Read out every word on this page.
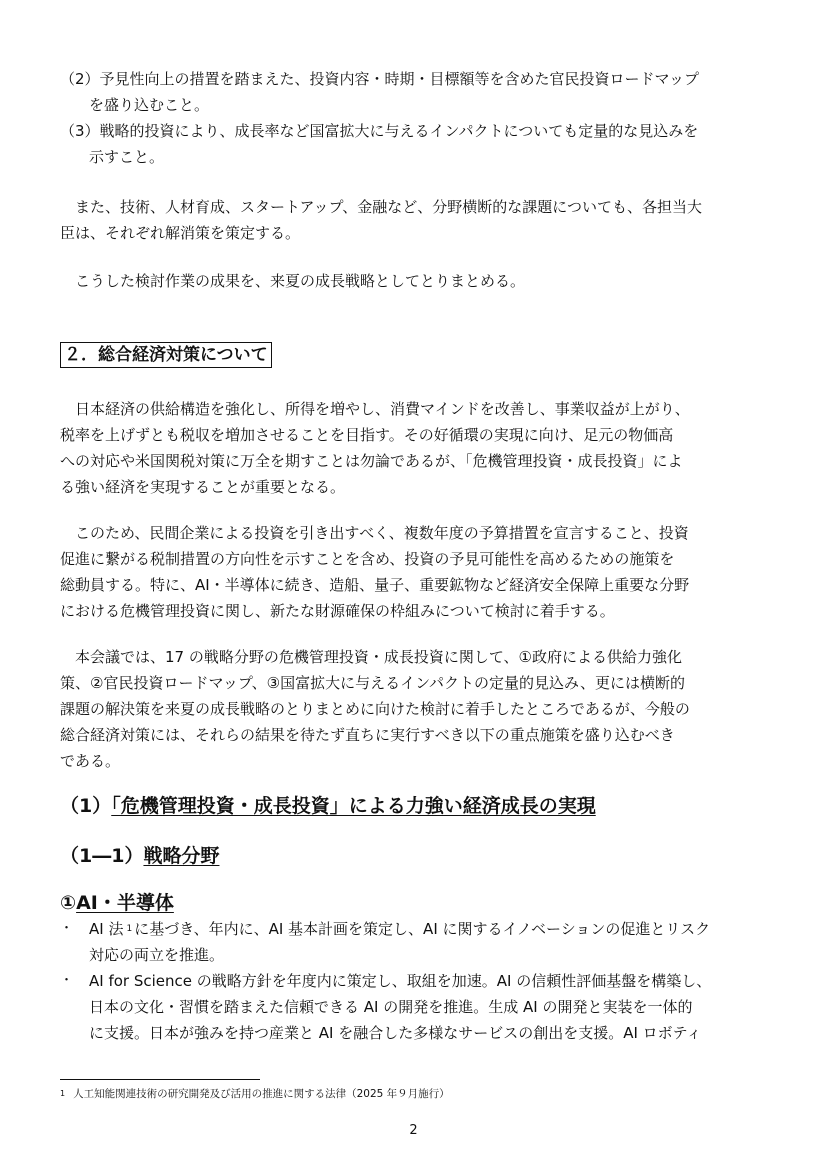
（2）予見性向上の措置を踏まえた、投資内容・時期・目標額等を含めた官民投資ロードマップ
を盛り込むこと。
（3）戦略的投資により、成長率など国富拡大に与えるインパクトについても定量的な見込みを
示すこと。
また、技術、人材育成、スタートアップ、金融など、分野横断的な課題についても、各担当大
臣は、それぞれ解消策を策定する。
こうした検討作業の成果を、来夏の成長戦略としてとりまとめる。
２．総合経済対策について
日本経済の供給構造を強化し、所得を増やし、消費マインドを改善し、事業収益が上がり、
税率を上げずとも税収を増加させることを目指す。その好循環の実現に向け、足元の物価高
への対応や米国関税対策に万全を期すことは勿論であるが、「危機管理投資・成長投資」によ
る強い経済を実現することが重要となる。
このため、民間企業による投資を引き出すべく、複数年度の予算措置を宣言すること、投資
促進に繋がる税制措置の方向性を示すことを含め、投資の予見可能性を高めるための施策を
総動員する。特に、AI・半導体に続き、造船、量子、重要鉱物など経済安全保障上重要な分野
における危機管理投資に関し、新たな財源確保の枠組みについて検討に着手する。
本会議では、17 の戦略分野の危機管理投資・成長投資に関して、①政府による供給力強化
策、②官民投資ロードマップ、③国富拡大に与えるインパクトの定量的見込み、更には横断的
課題の解決策を来夏の成長戦略のとりまとめに向けた検討に着手したところであるが、今般の
総合経済対策には、それらの結果を待たず直ちに実行すべき以下の重点施策を盛り込むべき
である。
（1）「危機管理投資・成長投資」による力強い経済成長の実現
（1―1）戦略分野
①AI・半導体
・ AI 法 $^1$ に基づき、年内に、AI 基本計画を策定し、AI に関するイノベーションの促進とリスク
対応の両立を推進。
・ AI for Science の戦略方針を年度内に策定し、取組を加速。AI の信頼性評価基盤を構築し、
日本の文化・習慣を踏まえた信頼できる AI の開発を推進。生成 AI の開発と実装を一体的
に支援。日本が強みを持つ産業と AI を融合した多様なサービスの創出を支援。AI ロボティ
$^1$ 人工知能関連技術の研究開発及び活用の推進に関する法律（2025 年９月施行）
2
